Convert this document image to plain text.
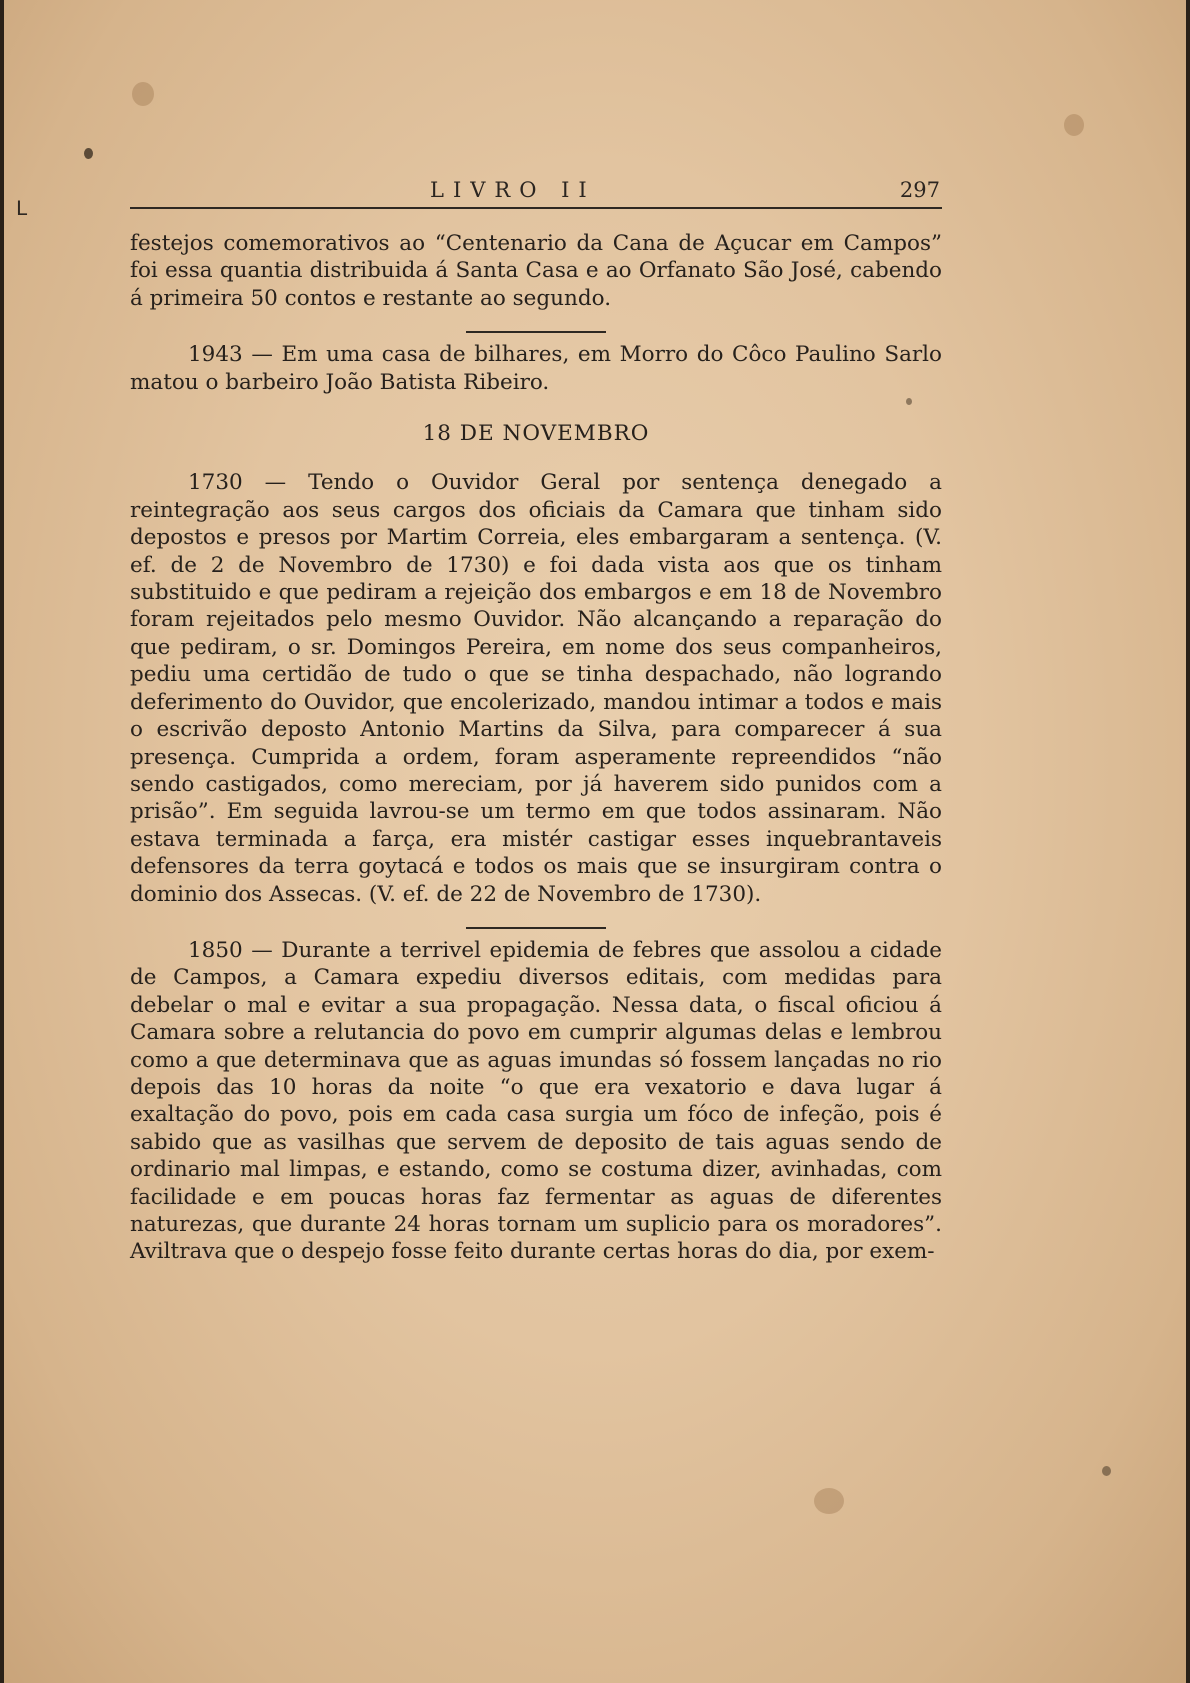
ᒪ
LIVRO II	297

festejos comemorativos ao “Centenario da Cana de Açucar em Campos” foi essa quantia distribuida á Santa Casa e ao Orfanato São José, cabendo á primeira 50 contos e restante ao segundo.

1943 — Em uma casa de bilhares, em Morro do Côco Paulino Sarlo matou o barbeiro João Batista Ribeiro.

18 DE NOVEMBRO

1730 — Tendo o Ouvidor Geral por sentença denegado a reintegração aos seus cargos dos oficiais da Camara que tinham sido depostos e presos por Martim Correia, eles embargaram a sentença. (V. ef. de 2 de Novembro de 1730) e foi dada vista aos que os tinham substituido e que pediram a rejeição dos embargos e em 18 de Novembro foram rejeitados pelo mesmo Ouvidor. Não alcançando a reparação do que pediram, o sr. Domingos Pereira, em nome dos seus companheiros, pediu uma certidão de tudo o que se tinha despachado, não logrando deferimento do Ouvidor, que encolerizado, mandou intimar a todos e mais o escrivão deposto Antonio Martins da Silva, para comparecer á sua presença. Cumprida a ordem, foram asperamente repreendidos “não sendo castigados, como mereciam, por já haverem sido punidos com a prisão”. Em seguida lavrou-se um termo em que todos assinaram. Não estava terminada a farça, era mistér castigar esses inquebrantaveis defensores da terra goytacá e todos os mais que se insurgiram contra o dominio dos Assecas. (V. ef. de 22 de Novembro de 1730).

1850 — Durante a terrivel epidemia de febres que assolou a cidade de Campos, a Camara expediu diversos editais, com medidas para debelar o mal e evitar a sua propagação. Nessa data, o fiscal oficiou á Camara sobre a relutancia do povo em cumprir algumas delas e lembrou como a que determinava que as aguas imundas só fossem lançadas no rio depois das 10 horas da noite “o que era vexatorio e dava lugar á exaltação do povo, pois em cada casa surgia um fóco de infeção, pois é sabido que as vasilhas que servem de deposito de tais aguas sendo de ordinario mal limpas, e estando, como se costuma dizer, avinhadas, com facilidade e em poucas horas faz fermentar as aguas de diferentes naturezas, que durante 24 horas tornam um suplicio para os moradores”. Aviltrava que o despejo fosse feito durante certas horas do dia, por exem-
